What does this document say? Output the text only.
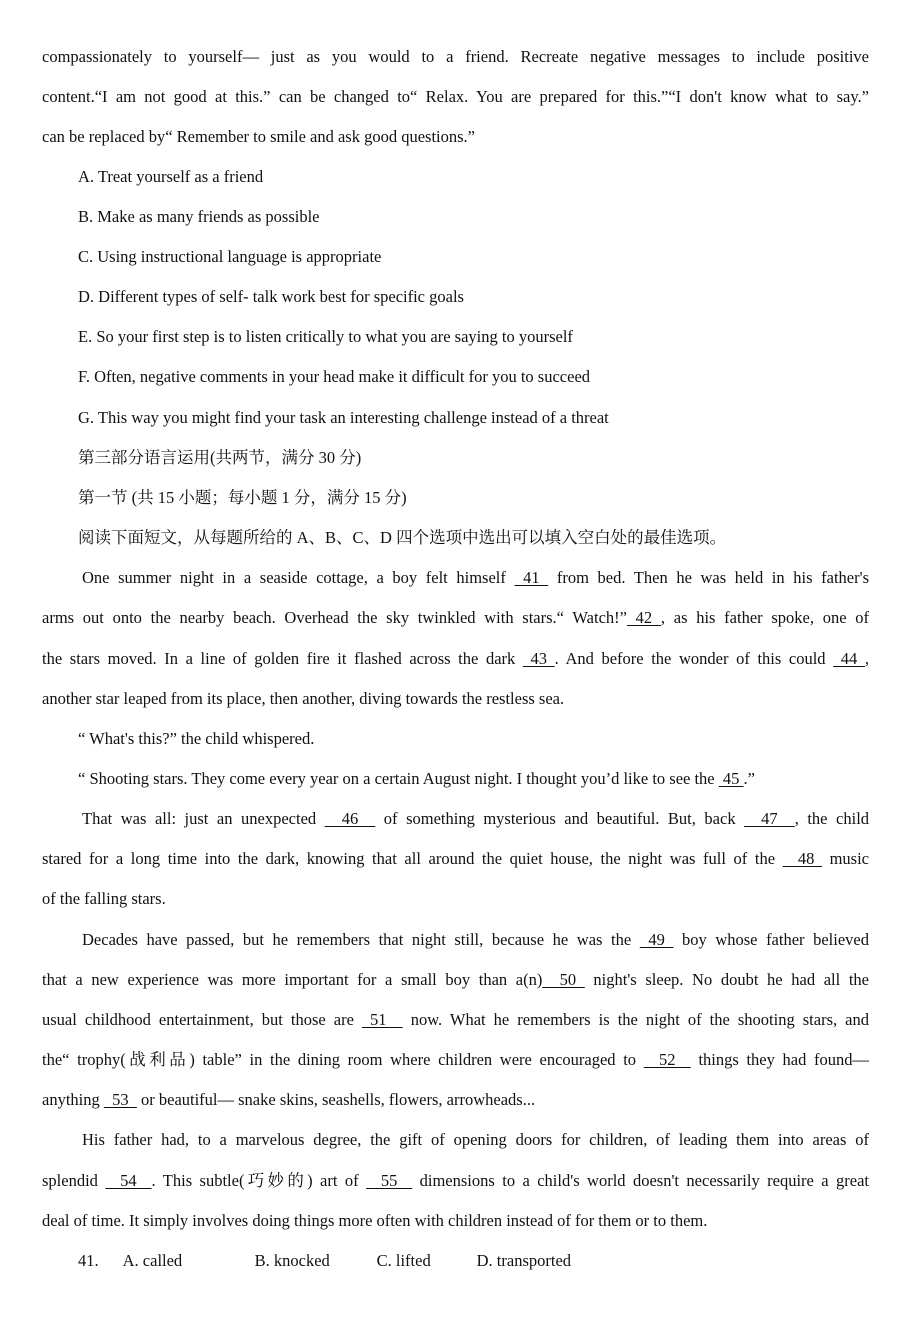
compassionately to yourself— just as you would to a friend. Recreate negative messages to include positive
content.“I am not good at this.” can be changed to“ Relax. You are prepared for this.”“I don't know what to say.”
can be replaced by“ Remember to smile and ask good questions.”
A. Treat yourself as a friend
B. Make as many friends as possible
C. Using instructional language is appropriate
D. Different types of self- talk work best for specific goals
E. So your first step is to listen critically to what you are saying to yourself
F. Often, negative comments in your head make it difficult for you to succeed
G. This way you might find your task an interesting challenge instead of a threat
第三部分语言运用(共两节，满分 30 分)
第一节 (共 15 小题；每小题 1 分，满分 15 分)
阅读下面短文，从每题所给的 A、B、C、D 四个选项中选出可以填入空白处的最佳选项。
One summer night in a seaside cottage, a boy felt himself  41  from bed. Then he was held in his father's
arms out onto the nearby beach. Overhead the sky twinkled with stars.“ Watch!” 42 , as his father spoke, one of
the stars moved. In a line of golden fire it flashed across the dark  43 . And before the wonder of this could  44 ,
another star leaped from its place, then another, diving towards the restless sea.
“ What's this?” the child whispered.
“ Shooting stars. They come every year on a certain August night. I thought you’d like to see the  45 .”
That was all: just an unexpected   46   of something mysterious and beautiful. But, back   47  , the child
stared for a long time into the dark, knowing that all around the quiet house, the night was full of the   48  music
of the falling stars.
Decades have passed, but he remembers that night still, because he was the  49  boy whose father believed
that a new experience was more important for a small boy than a(n)  50  night's sleep. No doubt he had all the
usual childhood entertainment, but those are  51   now. What he remembers is the night of the shooting stars, and
the“ trophy(战利品) table” in the dining room where children were encouraged to   52   things they had found—
anything   53   or beautiful— snake skins, seashells, flowers, arrowheads...
His father had, to a marvelous degree, the gift of opening doors for children, of leading them into areas of
splendid   54  . This subtle(巧妙的) art of   55   dimensions to a child's world doesn't necessarily require a great
deal of time. It simply involves doing things more often with children instead of for them or to them.
41. A. called	B. knocked	C. lifted	D. transported
